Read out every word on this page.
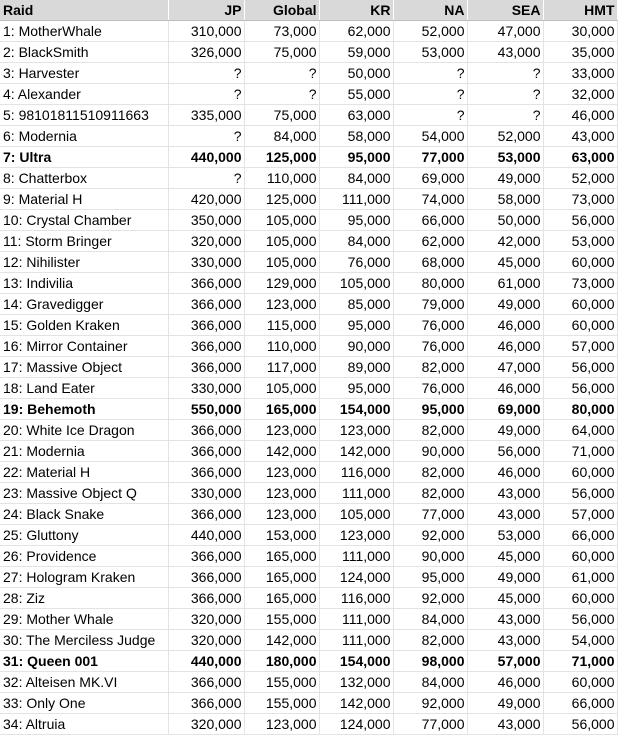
Raid	JP	Global	KR	NA	SEA	HMT
1: MotherWhale	310,000	73,000	62,000	52,000	47,000	30,000
2: BlackSmith	326,000	75,000	59,000	53,000	43,000	35,000
3: Harvester	?	?	50,000	?	?	33,000
4: Alexander	?	?	55,000	?	?	32,000
5: 98101811510911663	335,000	75,000	63,000	?	?	46,000
6: Modernia	?	84,000	58,000	54,000	52,000	43,000
7: Ultra	440,000	125,000	95,000	77,000	53,000	63,000
8: Chatterbox	?	110,000	84,000	69,000	49,000	52,000
9: Material H	420,000	125,000	111,000	74,000	58,000	73,000
10: Crystal Chamber	350,000	105,000	95,000	66,000	50,000	56,000
11: Storm Bringer	320,000	105,000	84,000	62,000	42,000	53,000
12: Nihilister	330,000	105,000	76,000	68,000	45,000	60,000
13: Indivilia	366,000	129,000	105,000	80,000	61,000	73,000
14: Gravedigger	366,000	123,000	85,000	79,000	49,000	60,000
15: Golden Kraken	366,000	115,000	95,000	76,000	46,000	60,000
16: Mirror Container	366,000	110,000	90,000	76,000	46,000	57,000
17: Massive Object	366,000	117,000	89,000	82,000	47,000	56,000
18: Land Eater	330,000	105,000	95,000	76,000	46,000	56,000
19: Behemoth	550,000	165,000	154,000	95,000	69,000	80,000
20: White Ice Dragon	366,000	123,000	123,000	82,000	49,000	64,000
21: Modernia	366,000	142,000	142,000	90,000	56,000	71,000
22: Material H	366,000	123,000	116,000	82,000	46,000	60,000
23: Massive Object Q	330,000	123,000	111,000	82,000	43,000	56,000
24: Black Snake	366,000	123,000	105,000	77,000	43,000	57,000
25: Gluttony	440,000	153,000	123,000	92,000	53,000	66,000
26: Providence	366,000	165,000	111,000	90,000	45,000	60,000
27: Hologram Kraken	366,000	165,000	124,000	95,000	49,000	61,000
28: Ziz	366,000	165,000	116,000	92,000	45,000	60,000
29: Mother Whale	320,000	155,000	111,000	84,000	43,000	56,000
30: The Merciless Judge	320,000	142,000	111,000	82,000	43,000	54,000
31: Queen 001	440,000	180,000	154,000	98,000	57,000	71,000
32: Alteisen MK.VI	366,000	155,000	132,000	84,000	46,000	60,000
33: Only One	366,000	155,000	142,000	92,000	49,000	66,000
34: Altruia	320,000	123,000	124,000	77,000	43,000	56,000
